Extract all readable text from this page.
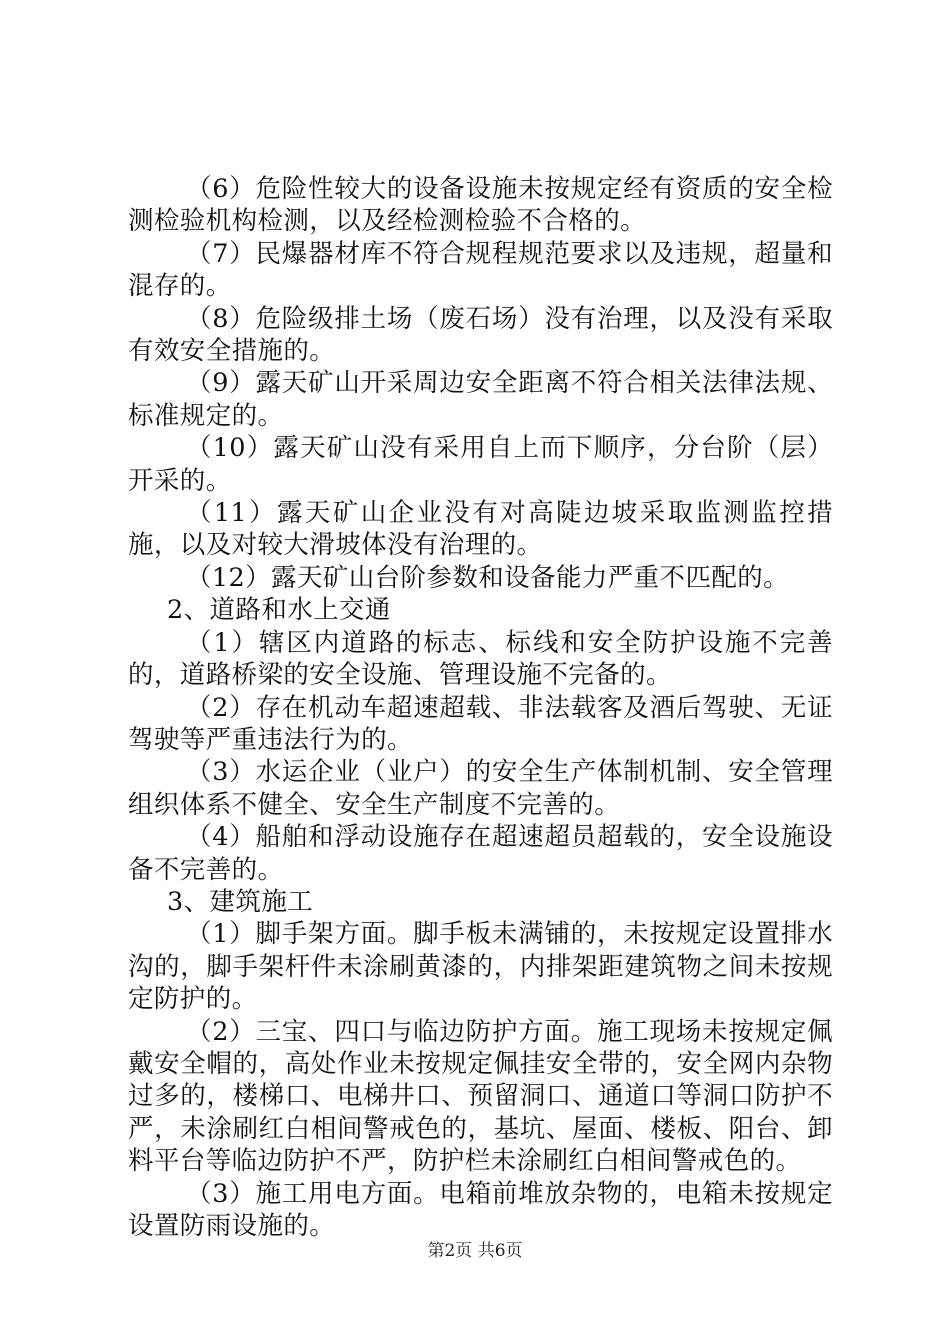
（6）危险性较大的设备设施未按规定经有资质的安全检测检验机构检测，以及经检测检验不合格的。

（7）民爆器材库不符合规程规范要求以及违规，超量和混存的。

（8）危险级排土场（废石场）没有治理，以及没有采取有效安全措施的。

（9）露天矿山开采周边安全距离不符合相关法律法规、标准规定的。

（10）露天矿山没有采用自上而下顺序，分台阶（层）开采的。

（11）露天矿山企业没有对高陡边坡采取监测监控措施，以及对较大滑坡体没有治理的。

（12）露天矿山台阶参数和设备能力严重不匹配的。

2、道路和水上交通

（1）辖区内道路的标志、标线和安全防护设施不完善的，道路桥梁的安全设施、管理设施不完备的。

（2）存在机动车超速超载、非法载客及酒后驾驶、无证驾驶等严重违法行为的。

（3）水运企业（业户）的安全生产体制机制、安全管理组织体系不健全、安全生产制度不完善的。

（4）船舶和浮动设施存在超速超员超载的，安全设施设备不完善的。

3、建筑施工

（1）脚手架方面。脚手板未满铺的，未按规定设置排水沟的，脚手架杆件未涂刷黄漆的，内排架距建筑物之间未按规定防护的。

（2）三宝、四口与临边防护方面。施工现场未按规定佩戴安全帽的，高处作业未按规定佩挂安全带的，安全网内杂物过多的，楼梯口、电梯井口、预留洞口、通道口等洞口防护不严，未涂刷红白相间警戒色的，基坑、屋面、楼板、阳台、卸料平台等临边防护不严，防护栏未涂刷红白相间警戒色的。

（3）施工用电方面。电箱前堆放杂物的，电箱未按规定设置防雨设施的。

第2页 共6页
